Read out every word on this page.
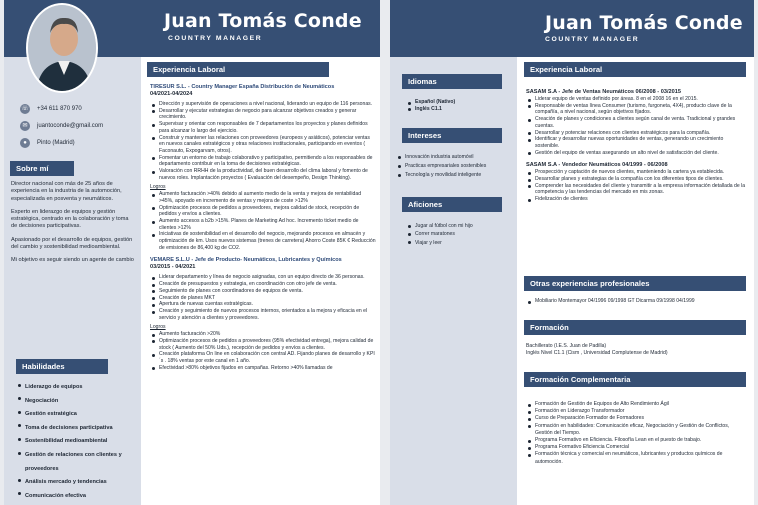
Juan Tomás Conde
COUNTRY MANAGER
☏ +34 611 870 970
✉	juantoconde@gmail.com
●	Pinto (Madrid)
Sobre mí

Director nacional con más de 25 años de experiencia en la industria de la automoción, especializada en posventa y neumáticos.

Experto en liderazgo de equipos y gestión estratégica, centrado en la colaboración y toma de decisiones participativas.

Apasionado por el desarrollo de equipos, gestión del cambio y sostenibilidad medioambiental.

Mi objetivo es seguir siendo un agente de cambio

Habilidades
Liderazgo de equipos
Negociación
Gestión estratégica
Toma de decisiones participativa
Sostenibilidad medioambiental
Gestión de relaciones con clientes y proveedores
Análisis mercado y tendencias
Comunicación efectiva
Experiencia Laboral
TIRESUR S.L. - Country Manager España Distribución de Neumáticos
04/2021-04/2024
Dirección y supervisión de operaciones a nivel nacional, liderando un equipo de 116 personas.
Desarrollar y ejecutar estrategias de negocio para alcanzar objetivos creados y generar crecimiento.
Supervisar y orientar con responsables de 7 departamentos los proyectos y planes definidos para alcanzar lo largo del ejercicio.
Construir y mantener las relaciones con proveedores (europeos y asiáticos), potenciar ventas en nuevos canales estratégicos y otras relaciones institucionales, participando en eventos ( Faconauto, Expogarvam, otros).
Fomentar un entorno de trabajo colaborativo y participativo, permitiendo a los responsables de departamento contribuir en la toma de decisiones estratégicas.
Valoración con RRHH de la productividad, del buen desarrollo del clima laboral y fomento de nuevos roles. Implantación proyectos ( Evaluación del desempeño, Design Thinking).
Logros
Aumento facturación >40% debido al aumento medio de la venta y mejora de rentabilidad >45%, apoyado en incremento de ventas y mejora de coste >12%
Optimización procesos de pedidos a proveedores, mejora calidad de stock, recepción de pedidos y envíos a clientes.
Aumento accesos a b2b >15%. Planes de Marketing Ad hoc. Incremento ticket medio de clientes >12%
Iniciativas de sostenibilidad en el desarrollo del negocio, mejorando procesos en almacén y optimización de km. Usos nuevos sistemas (trenes de carretera) Ahorro Coste 85K € Reducción de emisiones de 86,400 kg de CO2.
VEMARE S.L.U - Jefe de Producto- Neumáticos, Lubricantes y Químicos
03/2015 - 04/2021
Liderar departamento y línea de negocio asignadas, con un equipo directo de 36 personas.
Creación de presupuestos y estrategia, en coordinación con otro jefe de venta.
Seguimiento de planes con coordinadores de equipos de venta.
Creación de planes MKT
Apertura de nuevas cuentas estratégicas.
Creación y seguimiento de nuevos procesos internos, orientados a la mejora y eficacia en el servicio y atención a clientes y proveedores.
Logros
Aumento facturación >20%
Optimización procesos de pedidos a proveedores (95% efectividad entrega), mejora calidad de stock ( Aumento del 50% Uds.), recepción de pedidos y envíos a clientes.
Creación plataforma On line en colaboración con central AD. Fijando planes de desarrollo y KPI´s . 18% ventas por este canal en 1 año.
Efectividad >80% objetivos fijados en campañas. Retorno >40% llamadas de
Juan Tomás Conde
COUNTRY MANAGER
Idiomas
Español (Nativo)
Inglés C1.1
Intereses
Innovación industria automóvil
Practicas empresariales sostenibles
Tecnología y movilidad inteligente
Aficiones
Jugar al fútbol con mi hijo
Correr maratones
Viajar y leer
Experiencia Laboral
SASAM S.A - Jefe de Ventas Neumáticos 06/2008 - 03/2015
Liderar equipo de ventas definido por áreas. 8 en el 2008 16 en el 2015.
Responsable de ventas línea Consumer (turismo, furgoneta, 4X4), producto clave de la compañía, a nivel nacional, según objetivos fijados.
Creación de planes y condiciones a clientes según canal de venta. Tradicional y grandes cuentas.
Desarrollar y potenciar relaciones con clientes estratégicos para la compañía.
Identificar y desarrollar nuevas oportunidades de ventas, generando un crecimiento sostenible.
Gestión del equipo de ventas asegurando un alto nivel de satisfacción del cliente.
SASAM S.A - Vendedor Neumáticos 04/1999 - 06/2008
Prospección y captación de nuevos clientes, manteniendo la cartera ya establecida.
Desarrollar planes y estrategias de la compañía con los diferentes tipos de clientes.
Comprender las necesidades del cliente y transmitir a la empresa información detallada de la competencia y las tendencias del mercado en mis zonas.
Fidelización de clientes
Otras experiencias profesionales
Mobiliario Montemayor 04/1996 09/1998 GT Dicarma 09/1998 04/1999
Formación
Bachillerato (I.E.S. Juan de Padilla)
Inglés Nivel C1.1 (Cism , Universidad Complutense de Madrid)
Formación Complementaria
Formación de Gestión de Equipos de Alto Rendimiento Ágil
Formación en Liderazgo Transformador
Curso de Preparación Formador de Formadores
Formación en habilidades: Comunicación eficaz, Negociación y Gestión de Conflictos, Gestión del Tiempo.
Programa Formativo en Eficiencia. Filosofía Lean en el puesto de trabajo.
Programa Formativo Eficiencia Comercial
Formación técnica y comercial en neumáticos, lubricantes y productos químicos de automoción.
